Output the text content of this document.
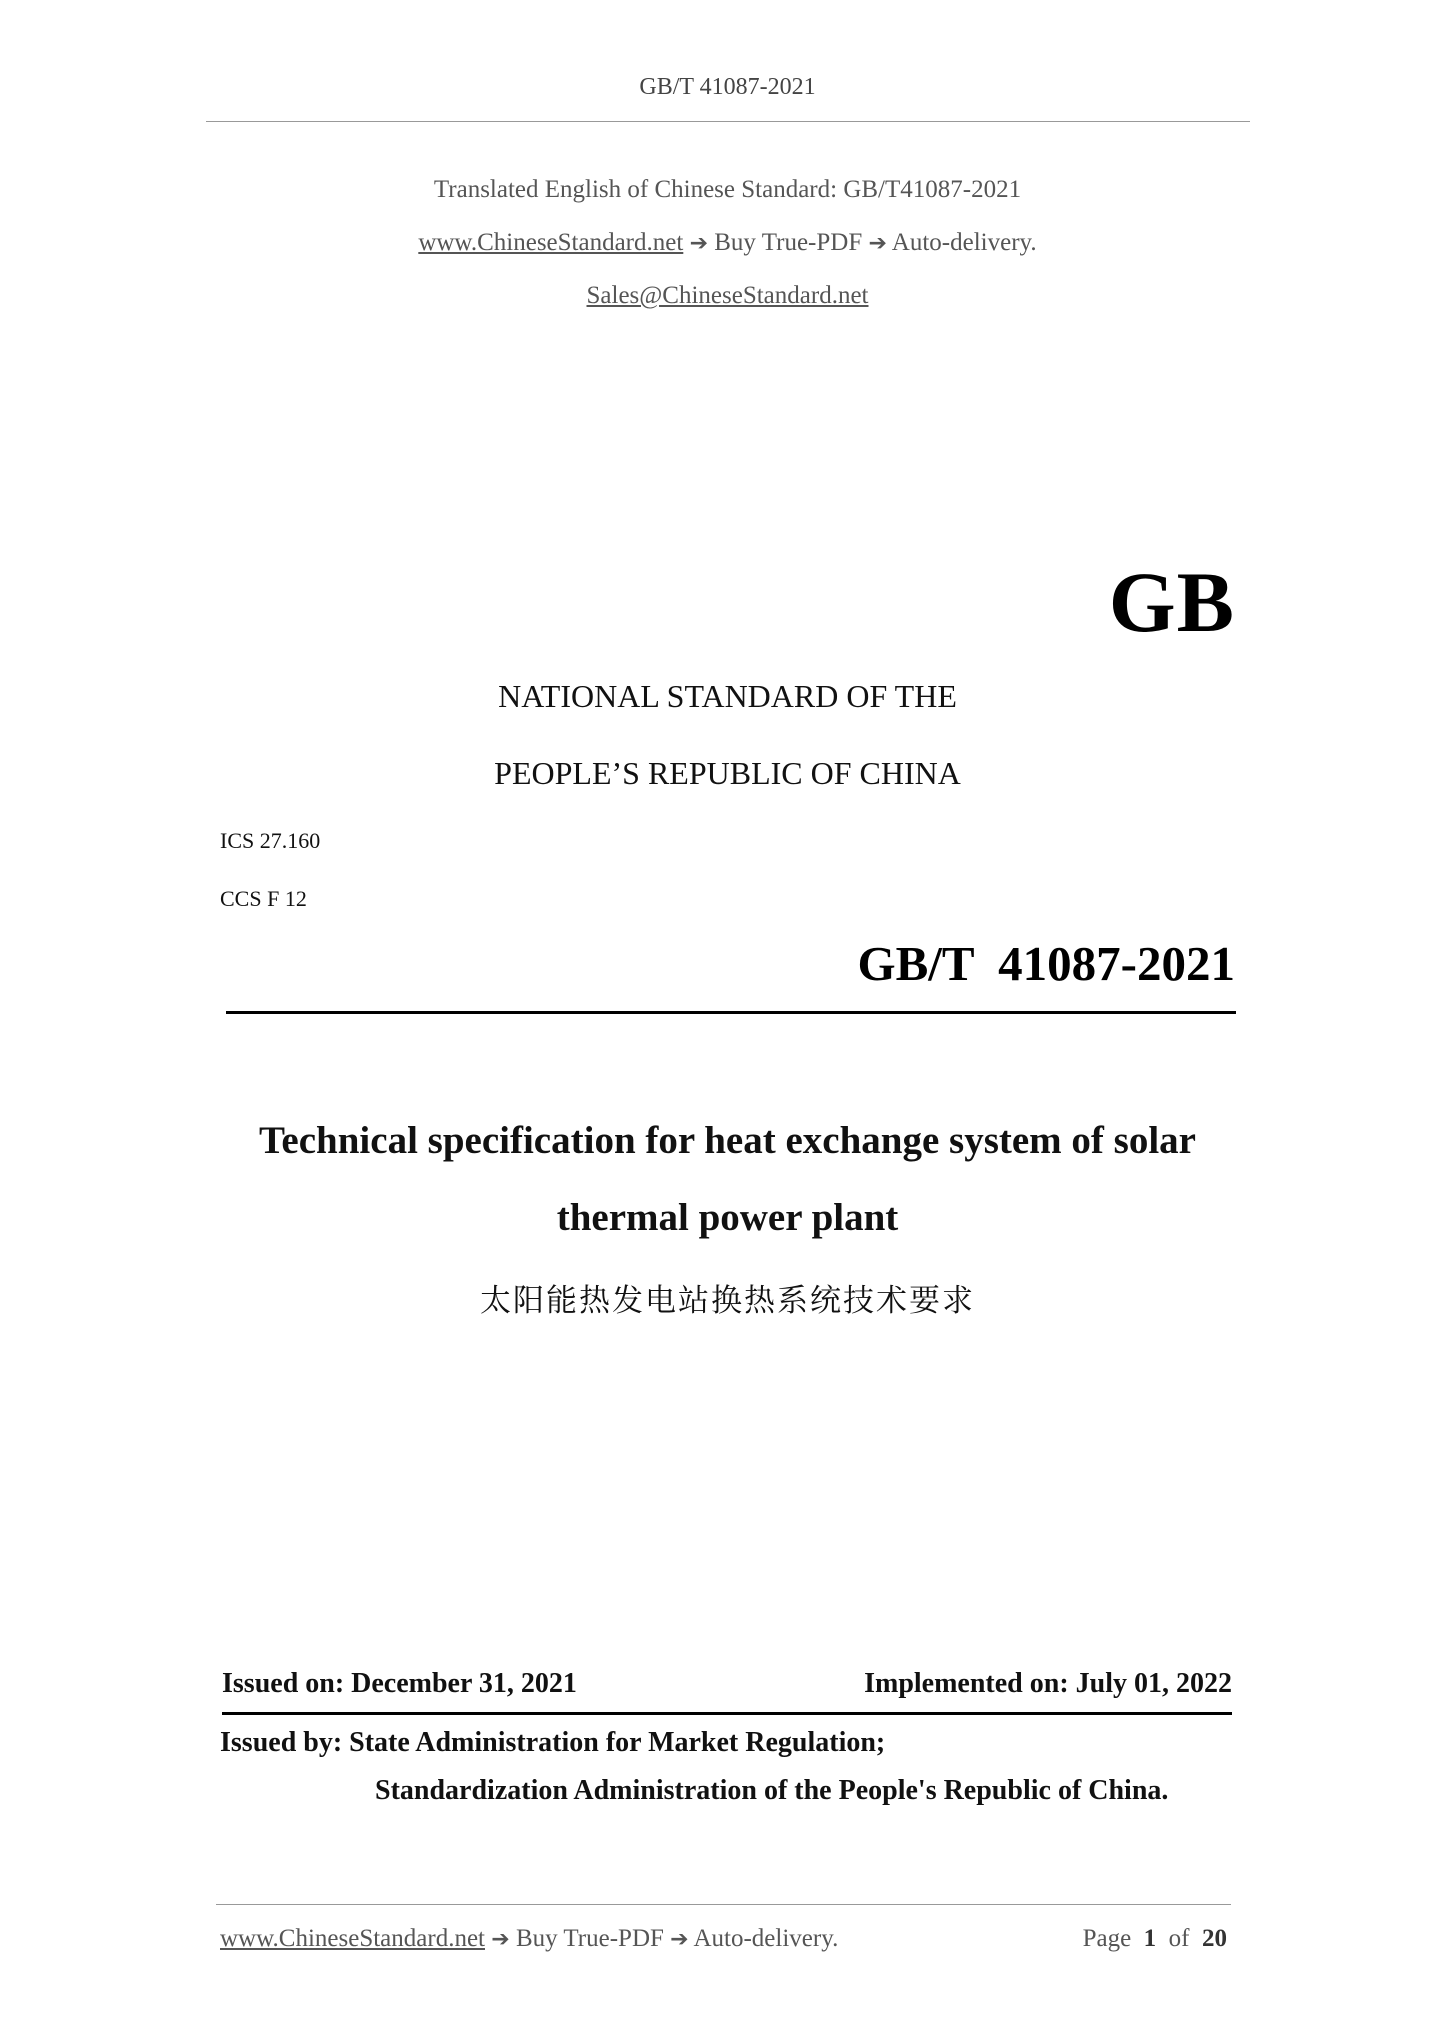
GB/T 41087-2021
Translated English of Chinese Standard: GB/T41087-2021
www.ChineseStandard.net ➔ Buy True-PDF ➔ Auto-delivery.
Sales@ChineseStandard.net
GB
NATIONAL STANDARD OF THE
PEOPLE’S REPUBLIC OF CHINA
ICS 27.160
CCS F 12
GB/T  41087-2021
Technical specification for heat exchange system of solar
thermal power plant
太阳能热发电站换热系统技术要求
Issued on: December 31, 2021	Implemented on: July 01, 2022
Issued by: State Administration for Market Regulation;
Standardization Administration of the People's Republic of China.
www.ChineseStandard.net ➔ Buy True-PDF ➔ Auto-delivery.	Page 1 of 20
